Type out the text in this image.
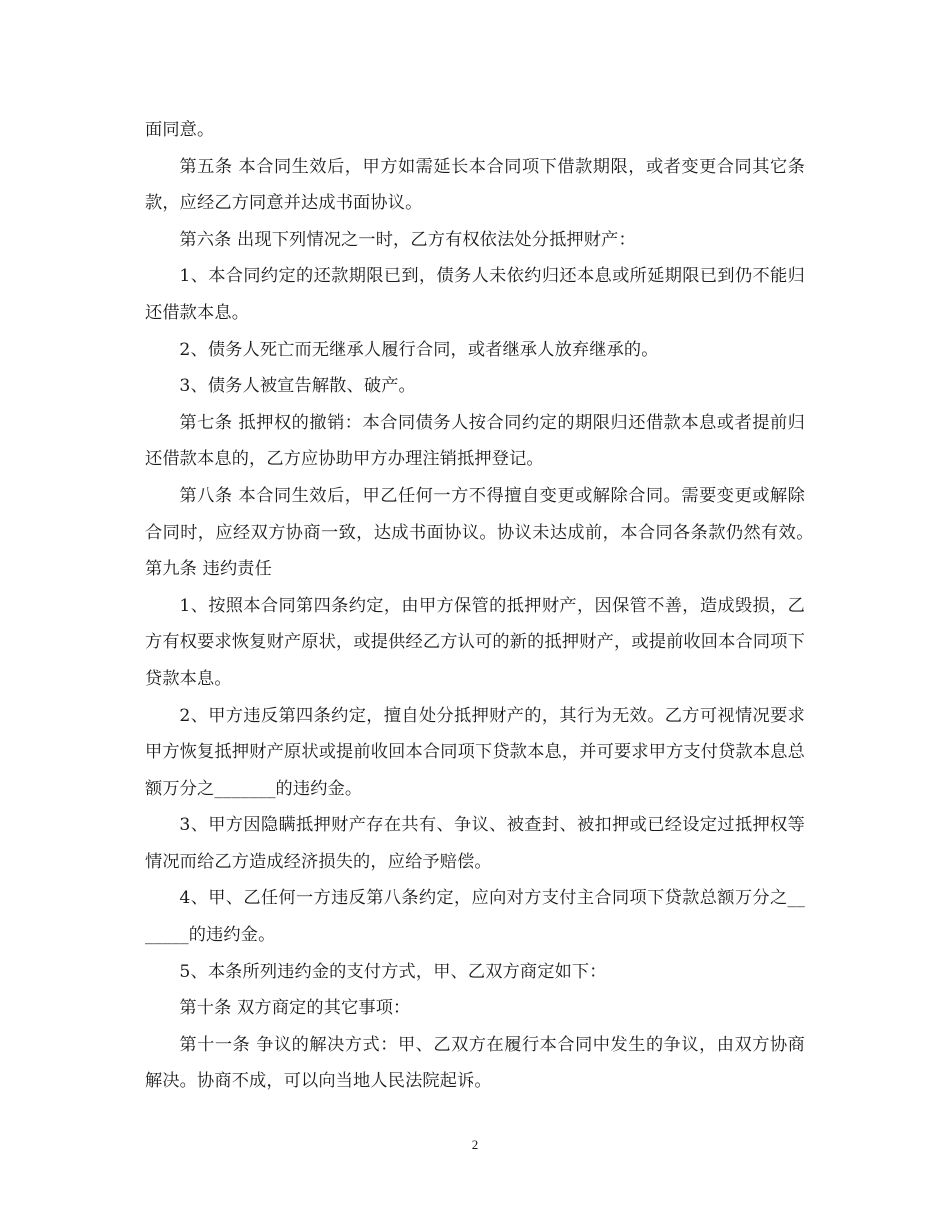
面同意。

第五条 本合同生效后，甲方如需延长本合同项下借款期限，或者变更合同其它条款，应经乙方同意并达成书面协议。

第六条 出现下列情况之一时，乙方有权依法处分抵押财产：

1、本合同约定的还款期限已到，债务人未依约归还本息或所延期限已到仍不能归还借款本息。

2、债务人死亡而无继承人履行合同，或者继承人放弃继承的。

3、债务人被宣告解散、破产。

第七条 抵押权的撤销：本合同债务人按合同约定的期限归还借款本息或者提前归还借款本息的，乙方应协助甲方办理注销抵押登记。

第八条 本合同生效后，甲乙任何一方不得擅自变更或解除合同。需要变更或解除合同时，应经双方协商一致，达成书面协议。协议未达成前，本合同各条款仍然有效。　 第九条 违约责任

1、按照本合同第四条约定，由甲方保管的抵押财产，因保管不善，造成毁损，乙方有权要求恢复财产原状，或提供经乙方认可的新的抵押财产，或提前收回本合同项下贷款本息。

2、甲方违反第四条约定，擅自处分抵押财产的，其行为无效。乙方可视情况要求甲方恢复抵押财产原状或提前收回本合同项下贷款本息，并可要求甲方支付贷款本息总额万分之_______的违约金。

3、甲方因隐瞒抵押财产存在共有、争议、被查封、被扣押或已经设定过抵押权等情况而给乙方造成经济损失的，应给予赔偿。

4、甲、乙任何一方违反第八条约定，应向对方支付主合同项下贷款总额万分之_______的违约金。

5、本条所列违约金的支付方式，甲、乙双方商定如下：

第十条 双方商定的其它事项：

第十一条 争议的解决方式：甲、乙双方在履行本合同中发生的争议，由双方协商解决。协商不成，可以向当地人民法院起诉。

2
